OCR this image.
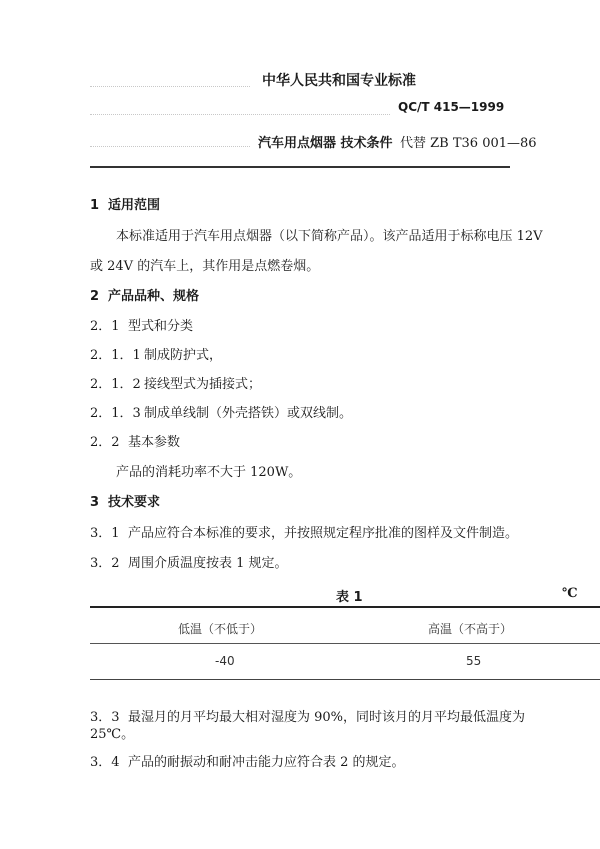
中华人民共和国专业标准
QC/T 415—1999
汽车用点烟器 技术条件 代替 ZB T36 001—86
1 适用范围
本标准适用于汽车用点烟器（以下简称产品）。该产品适用于标称电压 12V
或 24V 的汽车上，其作用是点燃卷烟。
2 产品品种、规格
2．1 型式和分类
2．1．1 制成防护式，
2．1．2 接线型式为插接式；
2．1．3 制成单线制（外壳搭铁）或双线制。
2．2 基本参数
产品的消耗功率不大于 120W。
3 技术要求
3．1 产品应符合本标准的要求，并按照规定程序批准的图样及文件制造。
3．2 周围介质温度按表 1 规定。
表 1	℃
低温（不低于）	高温（不高于）
-40	55
3．3 最湿月的月平均最大相对湿度为 90%，同时该月的月平均最低温度为
25℃。
3．4 产品的耐振动和耐冲击能力应符合表 2 的规定。
